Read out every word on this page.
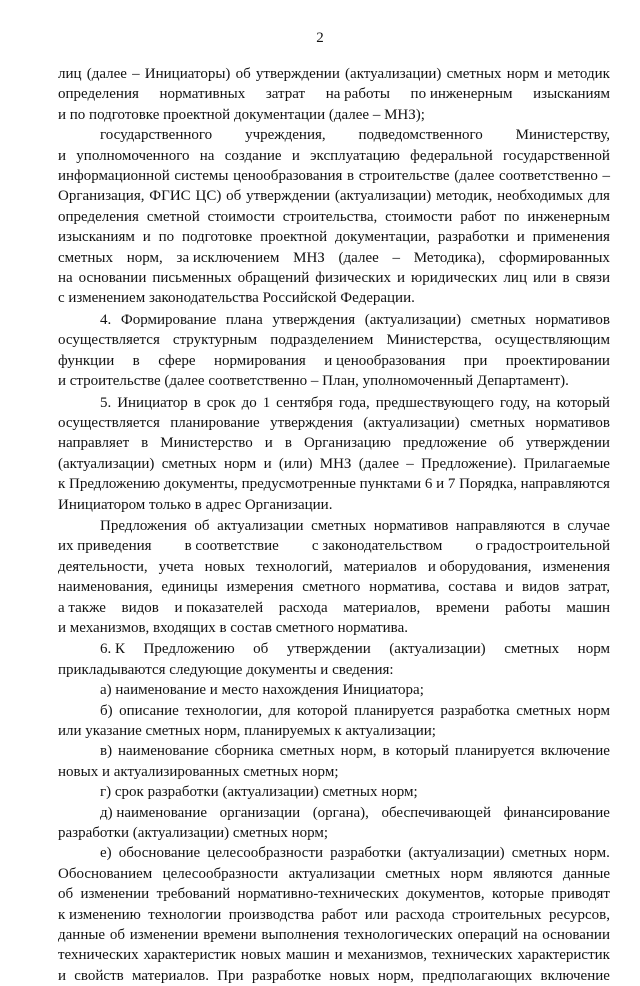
2
лиц (далее – Инициаторы) об утверждении (актуализации) сметных норм и методик
определения нормативных затрат на работы по инженерным изысканиям
и по подготовке проектной документации (далее – МНЗ);
государственного учреждения, подведомственного Министерству,
и уполномоченного на создание и эксплуатацию федеральной государственной
информационной системы ценообразования в строительстве (далее соответственно –
Организация, ФГИС ЦС) об утверждении (актуализации) методик, необходимых для
определения сметной стоимости строительства, стоимости работ по инженерным
изысканиям и по подготовке проектной документации, разработки и применения
сметных норм, за исключением МНЗ (далее – Методика), сформированных
на основании письменных обращений физических и юридических лиц или в связи
с изменением законодательства Российской Федерации.
4. Формирование плана утверждения (актуализации) сметных нормативов
осуществляется структурным подразделением Министерства, осуществляющим
функции в сфере нормирования и ценообразования при проектировании
и строительстве (далее соответственно – План, уполномоченный Департамент).
5. Инициатор в срок до 1 сентября года, предшествующего году, на который
осуществляется планирование утверждения (актуализации) сметных нормативов
направляет в Министерство и в Организацию предложение об утверждении
(актуализации) сметных норм и (или) МНЗ (далее – Предложение). Прилагаемые
к Предложению документы, предусмотренные пунктами 6 и 7 Порядка, направляются
Инициатором только в адрес Организации.
Предложения об актуализации сметных нормативов направляются в случае
их приведения в соответствие с законодательством о градостроительной
деятельности, учета новых технологий, материалов и оборудования, изменения
наименования, единицы измерения сметного норматива, состава и видов затрат,
а также видов и показателей расхода материалов, времени работы машин
и механизмов, входящих в состав сметного норматива.
6. К Предложению об утверждении (актуализации) сметных норм
прикладываются следующие документы и сведения:
а) наименование и место нахождения Инициатора;
б) описание технологии, для которой планируется разработка сметных норм
или указание сметных норм, планируемых к актуализации;
в) наименование сборника сметных норм, в который планируется включение
новых и актуализированных сметных норм;
г) срок разработки (актуализации) сметных норм;
д) наименование организации (органа), обеспечивающей финансирование
разработки (актуализации) сметных норм;
е) обоснование целесообразности разработки (актуализации) сметных норм.
Обоснованием целесообразности актуализации сметных норм являются данные
об изменении требований нормативно-технических документов, которые приводят
к изменению технологии производства работ или расхода строительных ресурсов,
данные об изменении времени выполнения технологических операций на основании
технических характеристик новых машин и механизмов, технических характеристик
и свойств материалов. При разработке новых норм, предполагающих включение
